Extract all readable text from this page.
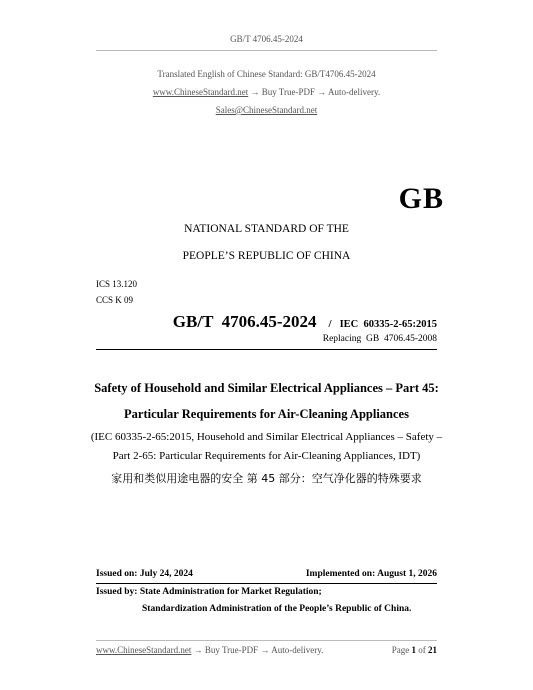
GB/T 4706.45-2024
Translated English of Chinese Standard: GB/T4706.45-2024
www.ChineseStandard.net → Buy True-PDF → Auto-delivery.
Sales@ChineseStandard.net
GB
NATIONAL STANDARD OF THE
PEOPLE’S REPUBLIC OF CHINA
ICS 13.120
CCS K 09
GB/T  4706.45-2024 / IEC  60335-2-65:2015
Replacing  GB  4706.45-2008
Safety of Household and Similar Electrical Appliances – Part 45:
Particular Requirements for Air-Cleaning Appliances
(IEC 60335-2-65:2015, Household and Similar Electrical Appliances – Safety –
Part 2-65: Particular Requirements for Air-Cleaning Appliances, IDT)
家用和类似用途电器的安全 第 45 部分：空气净化器的特殊要求
Issued on: July 24, 2024	Implemented on: August 1, 2026
Issued by: State Administration for Market Regulation;
Standardization Administration of the People’s Republic of China.
www.ChineseStandard.net → Buy True-PDF → Auto-delivery.	Page 1 of 21
